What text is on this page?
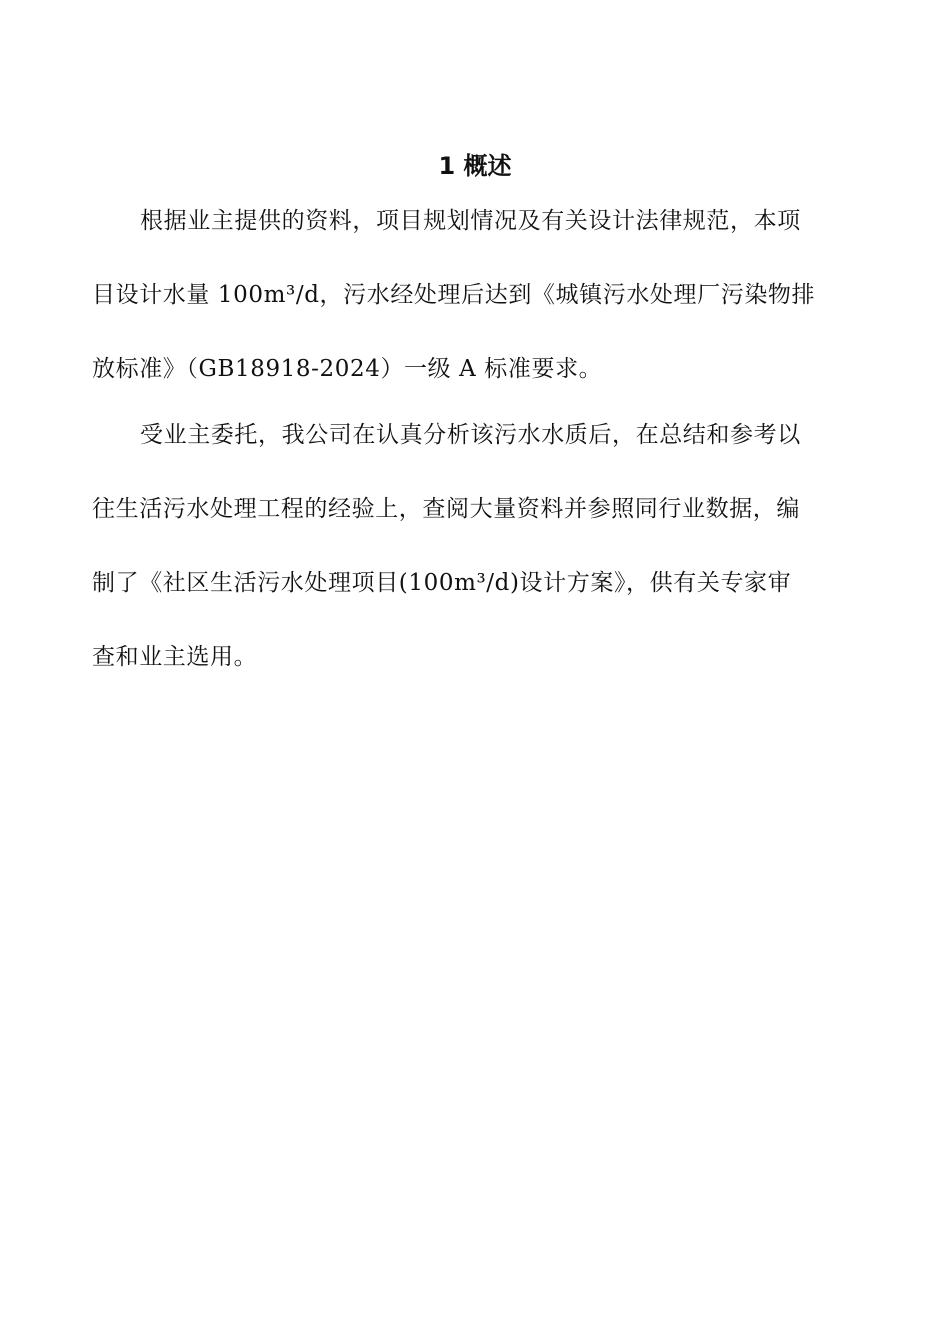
1 概述

根据业主提供的资料，项目规划情况及有关设计法律规范，本项
目设计水量 100m³/d，污水经处理后达到《城镇污水处理厂污染物排
放标准》（GB18918-2024）一级 A 标准要求。

受业主委托，我公司在认真分析该污水水质后，在总结和参考以
往生活污水处理工程的经验上，查阅大量资料并参照同行业数据，编
制了《社区生活污水处理项目(100m³/d)设计方案》，供有关专家审
查和业主选用。
